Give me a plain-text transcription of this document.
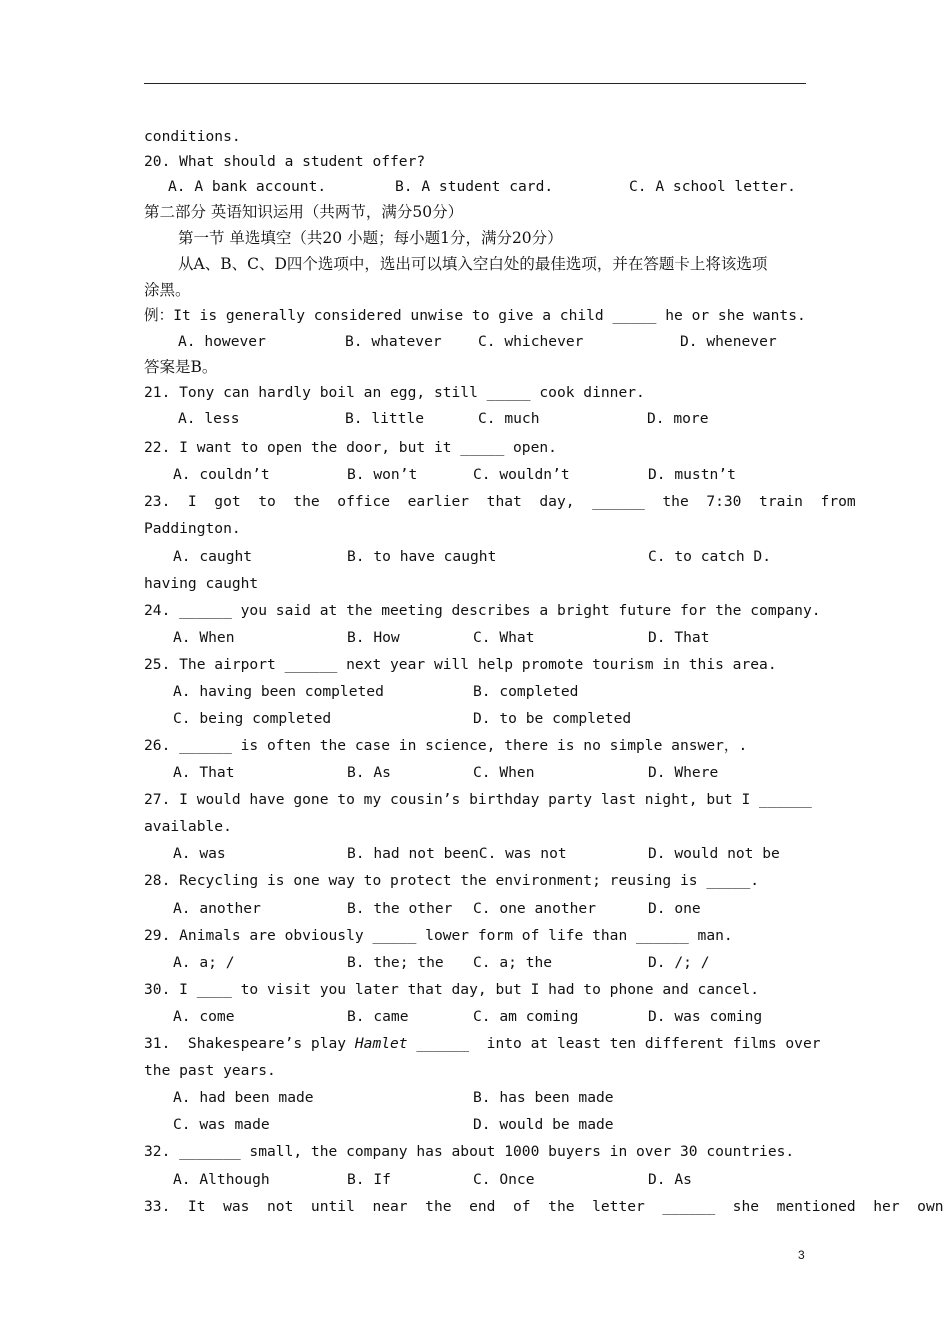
conditions.
20. What should a student offer?
A. A bank account.	B. A student card.	C. A school letter.
第二部分 英语知识运用（共两节，满分50分）
第一节 单选填空（共20 小题；每小题1分，满分20分）
从A、B、C、D四个选项中，选出可以填入空白处的最佳选项，并在答题卡上将该选项
涂黑。
例：It is generally considered unwise to give a child _____ he or she wants.
A. however	B. whatever C. whichever	D. whenever
答案是B。
21. Tony can hardly boil an egg, still _____ cook dinner.
A. less	B. little	C. much	D. more
22. I want to open the door, but it _____ open.
A. couldn’t	B. won’t	C. wouldn’t	D. mustn’t
23.  I  got  to  the  office  earlier  that  day,  ______  the  7:30  train  from
Paddington.
A. caught	B. to have caught	C. to catch D.
having caught
24. ______ you said at the meeting describes a bright future for the company.
A. When	B. How	C. What	D. That
25. The airport ______ next year will help promote tourism in this area.
A. having been completed	B. completed
C. being completed	D. to be completed
26. ______ is often the case in science, there is no simple answer，.
A. That	B. As	C. When	D. Where
27. I would have gone to my cousin’s birthday party last night, but I ______
available.
A. was	B. had not beenC. was not	D. would not be
28. Recycling is one way to protect the environment; reusing is _____.
A. another	B. the other C. one another	D. one
29. Animals are obviously _____ lower form of life than ______ man.
A. a; /	B. the; the C. a; the	D. /; /
30. I ____ to visit you later that day, but I had to phone and cancel.
A. come	B. came	C. am coming	D. was coming
31.  Shakespeare’s play Hamlet ______  into at least ten different films over
the past years.
A. had been made	B. has been made
C. was made	D. would be made
32. _______ small, the company has about 1000 buyers in over 30 countries.
A. Although	B. If	C. Once	D. As
33.  It  was  not  until  near  the  end  of  the  letter  ______  she  mentioned  her  own
3
